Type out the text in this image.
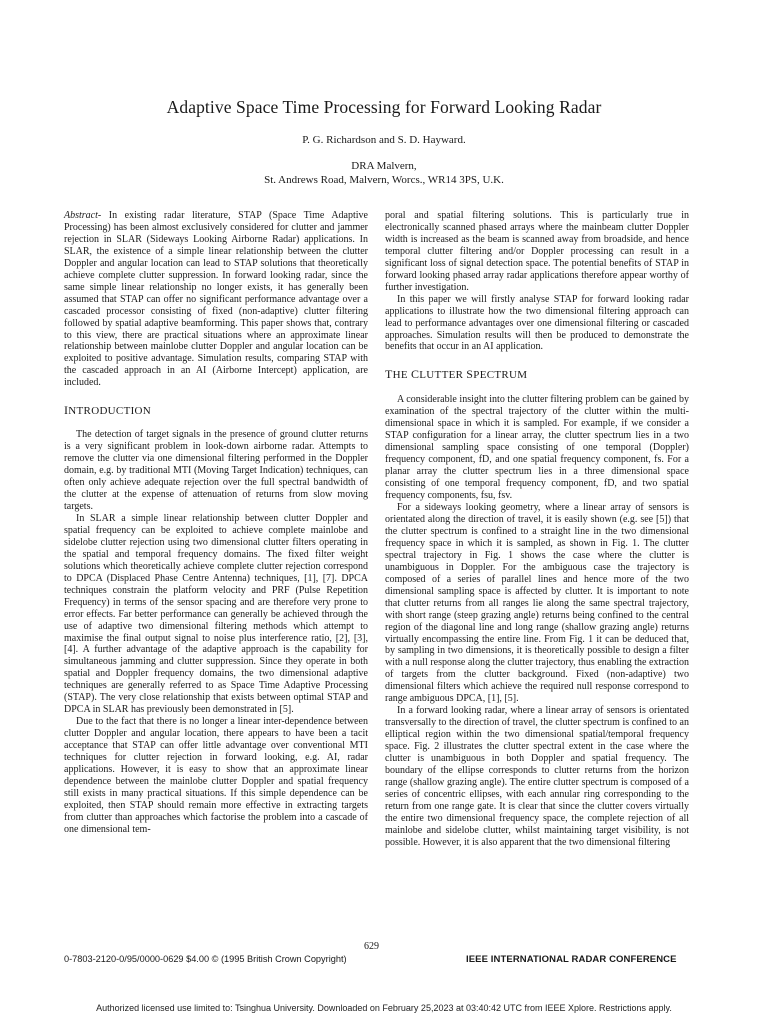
Adaptive Space Time Processing for Forward Looking Radar
P. G. Richardson and S. D. Hayward.
DRA Malvern,
St. Andrews Road, Malvern, Worcs., WR14 3PS, U.K.

Abstract- In existing radar literature, STAP (Space Time Adaptive Processing) has been almost exclusively considered for clutter and jammer rejection in SLAR (Sideways Looking Airborne Radar) applications. In SLAR, the existence of a simple linear relationship between the clutter Doppler and angular location can lead to STAP solutions that theoretically achieve complete clutter suppression. In forward looking radar, since the same simple linear relationship no longer exists, it has generally been assumed that STAP can offer no significant performance advantage over a cascaded processor consisting of fixed (non-adaptive) clutter filtering followed by spatial adaptive beamforming. This paper shows that, contrary to this view, there are practical situations where an approximate linear relationship between mainlobe clutter Doppler and angular location can be exploited to positive advantage. Simulation results, comparing STAP with the cascaded approach in an AI (Airborne Intercept) application, are included.

INTRODUCTION

The detection of target signals in the presence of ground clutter returns is a very significant problem in look-down airborne radar. Attempts to remove the clutter via one dimensional filtering performed in the Doppler domain, e.g. by traditional MTI (Moving Target Indication) techniques, can often only achieve adequate rejection over the full spectral bandwidth of the clutter at the expense of attenuation of returns from slow moving targets.

In SLAR a simple linear relationship between clutter Doppler and spatial frequency can be exploited to achieve complete mainlobe and sidelobe clutter rejection using two dimensional clutter filters operating in the spatial and temporal frequency domains. The fixed filter weight solutions which theoretically achieve complete clutter rejection correspond to DPCA (Displaced Phase Centre Antenna) techniques, [1], [7]. DPCA techniques constrain the platform velocity and PRF (Pulse Repetition Frequency) in terms of the sensor spacing and are therefore very prone to error effects. Far better performance can generally be achieved through the use of adaptive two dimensional filtering methods which attempt to maximise the final output signal to noise plus interference ratio, [2], [3], [4]. A further advantage of the adaptive approach is the capability for simultaneous jamming and clutter suppression. Since they operate in both spatial and Doppler frequency domains, the two dimensional adaptive techniques are generally referred to as Space Time Adaptive Processing (STAP). The very close relationship that exists between optimal STAP and DPCA in SLAR has previously been demonstrated in [5].

Due to the fact that there is no longer a linear inter-dependence between clutter Doppler and angular location, there appears to have been a tacit acceptance that STAP can offer little advantage over conventional MTI techniques for clutter rejection in forward looking, e.g. AI, radar applications. However, it is easy to show that an approximate linear dependence between the mainlobe clutter Doppler and spatial frequency still exists in many practical situations. If this simple dependence can be exploited, then STAP should remain more effective in extracting targets from clutter than approaches which factorise the problem into a cascade of one dimensional tem-

poral and spatial filtering solutions. This is particularly true in electronically scanned phased arrays where the mainbeam clutter Doppler width is increased as the beam is scanned away from broadside, and hence temporal clutter filtering and/or Doppler processing can result in a significant loss of signal detection space. The potential benefits of STAP in forward looking phased array radar applications therefore appear worthy of further investigation.

In this paper we will firstly analyse STAP for forward looking radar applications to illustrate how the two dimensional filtering approach can lead to performance advantages over one dimensional filtering or cascaded approaches. Simulation results will then be produced to demonstrate the benefits that occur in an AI application.

THE CLUTTER SPECTRUM

A considerable insight into the clutter filtering problem can be gained by examination of the spectral trajectory of the clutter within the multi-dimensional space in which it is sampled. For example, if we consider a STAP configuration for a linear array, the clutter spectrum lies in a two dimensional sampling space consisting of one temporal (Doppler) frequency component, fD, and one spatial frequency component, fs. For a planar array the clutter spectrum lies in a three dimensional space consisting of one temporal frequency component, fD, and two spatial frequency components, fsu, fsv.

For a sideways looking geometry, where a linear array of sensors is orientated along the direction of travel, it is easily shown (e.g. see [5]) that the clutter spectrum is confined to a straight line in the two dimensional frequency space in which it is sampled, as shown in Fig. 1. The clutter spectral trajectory in Fig. 1 shows the case where the clutter is unambiguous in Doppler. For the ambiguous case the trajectory is composed of a series of parallel lines and hence more of the two dimensional sampling space is affected by clutter. It is important to note that clutter returns from all ranges lie along the same spectral trajectory, with short range (steep grazing angle) returns being confined to the central region of the diagonal line and long range (shallow grazing angle) returns virtually encompassing the entire line. From Fig. 1 it can be deduced that, by sampling in two dimensions, it is theoretically possible to design a filter with a null response along the clutter trajectory, thus enabling the extraction of targets from the clutter background. Fixed (non-adaptive) two dimensional filters which achieve the required null response correspond to range ambiguous DPCA, [1], [5].

In a forward looking radar, where a linear array of sensors is orientated transversally to the direction of travel, the clutter spectrum is confined to an elliptical region within the two dimensional spatial/temporal frequency space. Fig. 2 illustrates the clutter spectral extent in the case where the clutter is unambiguous in both Doppler and spatial frequency. The boundary of the ellipse corresponds to clutter returns from the horizon range (shallow grazing angle). The entire clutter spectrum is composed of a series of concentric ellipses, with each annular ring corresponding to the return from one range gate. It is clear that since the clutter covers virtually the entire two dimensional frequency space, the complete rejection of all mainlobe and sidelobe clutter, whilst maintaining target visibility, is not possible. However, it is also apparent that the two dimensional filtering

629
0-7803-2120-0/95/0000-0629 $4.00 © (1995 British Crown Copyright)	IEEE INTERNATIONAL RADAR CONFERENCE
Authorized licensed use limited to: Tsinghua University. Downloaded on February 25,2023 at 03:40:42 UTC from IEEE Xplore. Restrictions apply.
